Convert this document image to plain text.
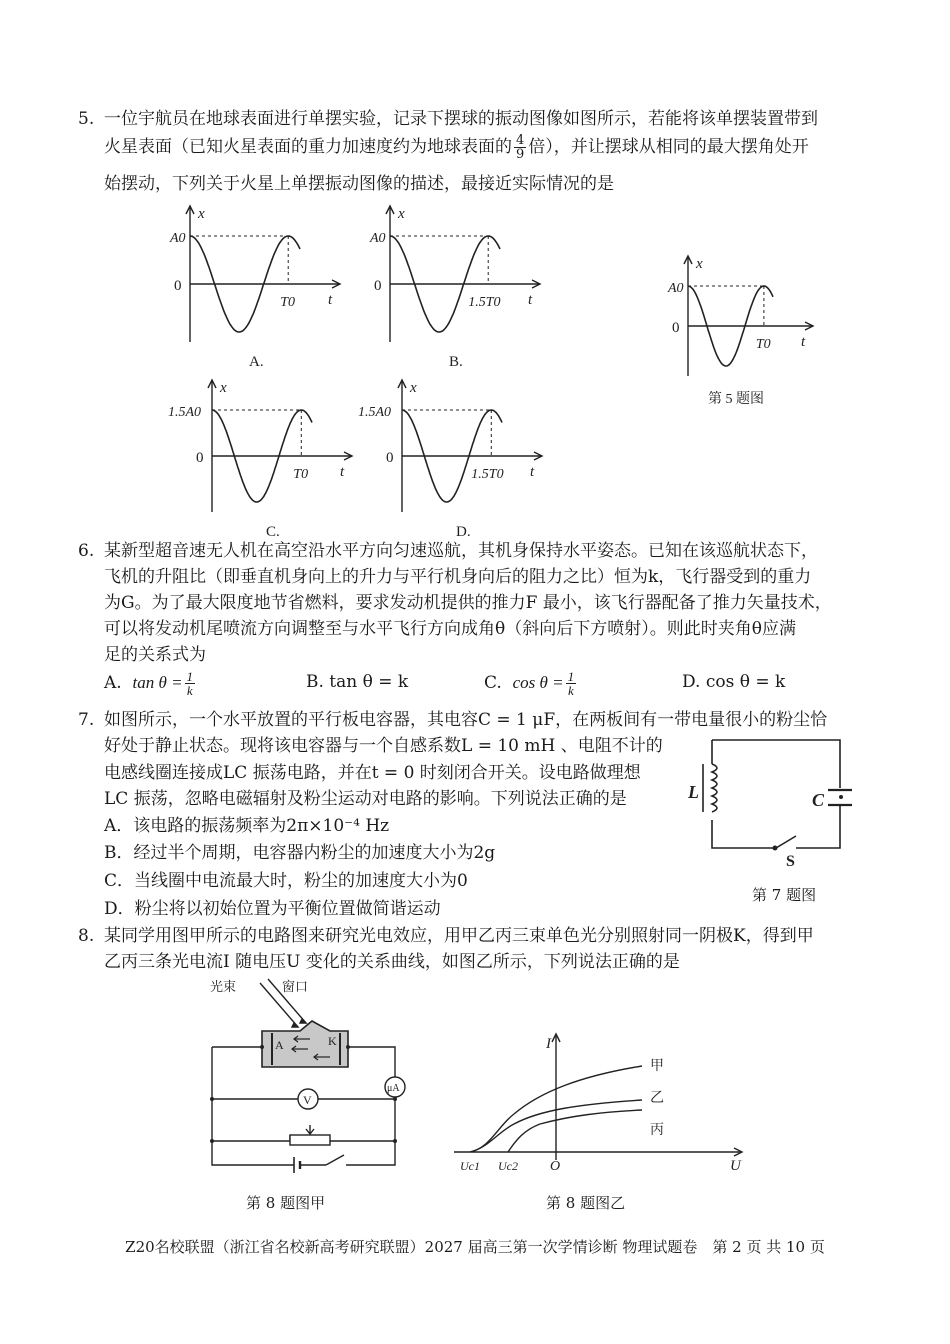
5. 一位宇航员在地球表面进行单摆实验，记录下摆球的振动图像如图所示，若能将该单摆装置带到
火星表面（已知火星表面的重力加速度约为地球表面的 $\frac{4}{9}$ 倍），并让摆球从相同的最大摆角处开
始摆动，下列关于火星上单摆振动图像的描述，最接近实际情况的是
x
t
0
A0
T0
A.
x
t
0
A0
1.5T0
B.
x
t
0
1.5A0
T0
C.
x
t
0
1.5A0
1.5T0
D.
x
t
0
A0
T0
第 5 题图
6. 某新型超音速无人机在高空沿水平方向匀速巡航，其机身保持水平姿态。已知在该巡航状态下，
飞机的升阻比（即垂直机身向上的升力与平行机身向后的阻力之比）恒为k，飞行器受到的重力
为G。为了最大限度地节省燃料，要求发动机提供的推力F 最小，该飞行器配备了推力矢量技术，
可以将发动机尾喷流方向调整至与水平飞行方向成角θ（斜向后下方喷射）。则此时夹角θ应满
足的关系式为
A. $\tan \theta = \frac{1}{k}$	B. tan θ = k	C. $\cos \theta = \frac{1}{k}$	D. cos θ = k
7. 如图所示，一个水平放置的平行板电容器，其电容C = 1 μF，在两板间有一带电量很小的粉尘恰
好处于静止状态。现将该电容器与一个自感系数L = 10 mH 、电阻不计的
电感线圈连接成LC 振荡电路，并在t = 0 时刻闭合开关。设电路做理想
LC 振荡，忽略电磁辐射及粉尘运动对电路的影响。下列说法正确的是
A．该电路的振荡频率为2π×10⁻⁴ Hz
B．经过半个周期，电容器内粉尘的加速度大小为2g
C．当线圈中电流最大时，粉尘的加速度大小为0
D．粉尘将以初始位置为平衡位置做简谐运动
L	C
S
第 7 题图
8. 某同学用图甲所示的电路图来研究光电效应，用甲乙丙三束单色光分别照射同一阴极K，得到甲
乙丙三条光电流I 随电压U 变化的关系曲线，如图乙所示，下列说法正确的是
光束	窗口
A	K
μA
V
第 8 题图甲
I
U
O
Uc1 Uc2
甲
乙
丙
第 8 题图乙
Z20名校联盟（浙江省名校新高考研究联盟）2027 届高三第一次学情诊断 物理试题卷　第 2 页 共 10 页
